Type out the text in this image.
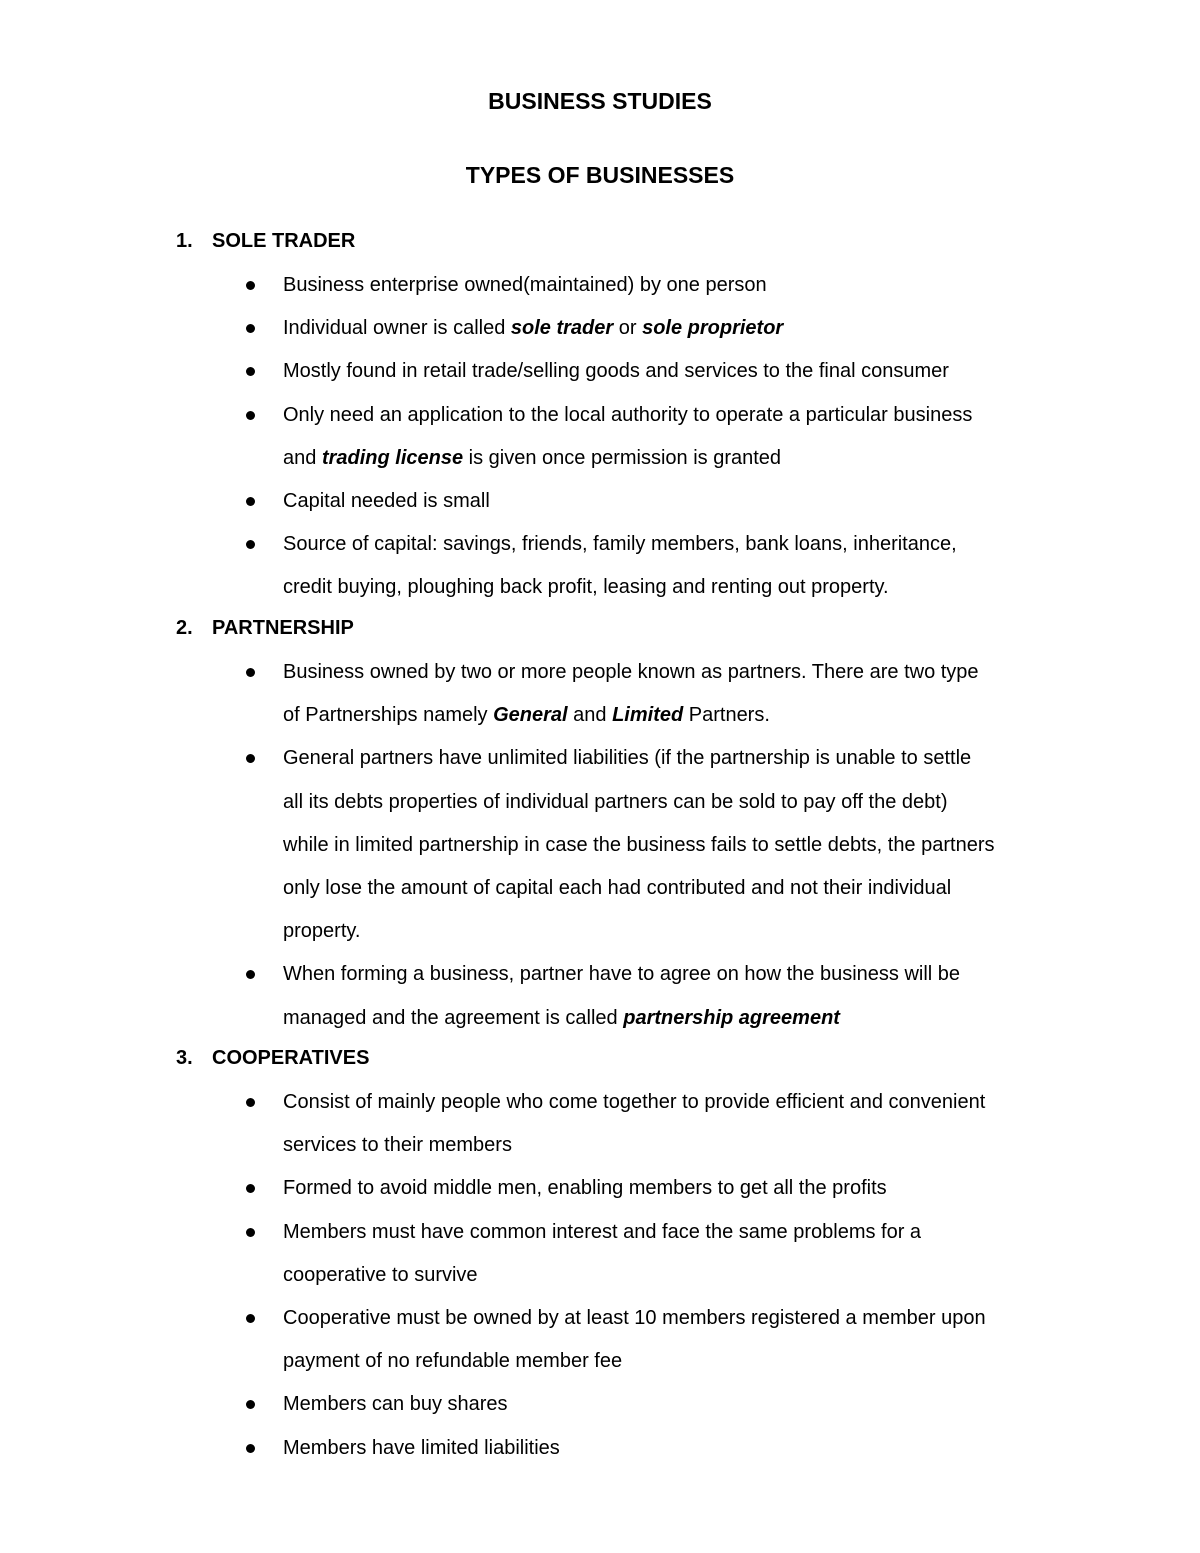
BUSINESS STUDIES
TYPES OF BUSINESSES
1. SOLE TRADER
Business enterprise owned(maintained) by one person
Individual owner is called sole trader or sole proprietor
Mostly found in retail trade/selling goods and services to the final consumer
Only need an application to the local authority to operate a particular business
and trading license is given once permission is granted
Capital needed is small
Source of capital: savings, friends, family members, bank loans, inheritance,
credit buying, ploughing back profit, leasing and renting out property.
2. PARTNERSHIP
Business owned by two or more people known as partners. There are two type
of Partnerships namely General and Limited Partners.
General partners have unlimited liabilities (if the partnership is unable to settle
all its debts properties of individual partners can be sold to pay off the debt)
while in limited partnership in case the business fails to settle debts, the partners
only lose the amount of capital each had contributed and not their individual
property.
When forming a business, partner have to agree on how the business will be
managed and the agreement is called partnership agreement
3. COOPERATIVES
Consist of mainly people who come together to provide efficient and convenient
services to their members
Formed to avoid middle men, enabling members to get all the profits
Members must have common interest and face the same problems for a
cooperative to survive
Cooperative must be owned by at least 10 members registered a member upon
payment of no refundable member fee
Members can buy shares
Members have limited liabilities
